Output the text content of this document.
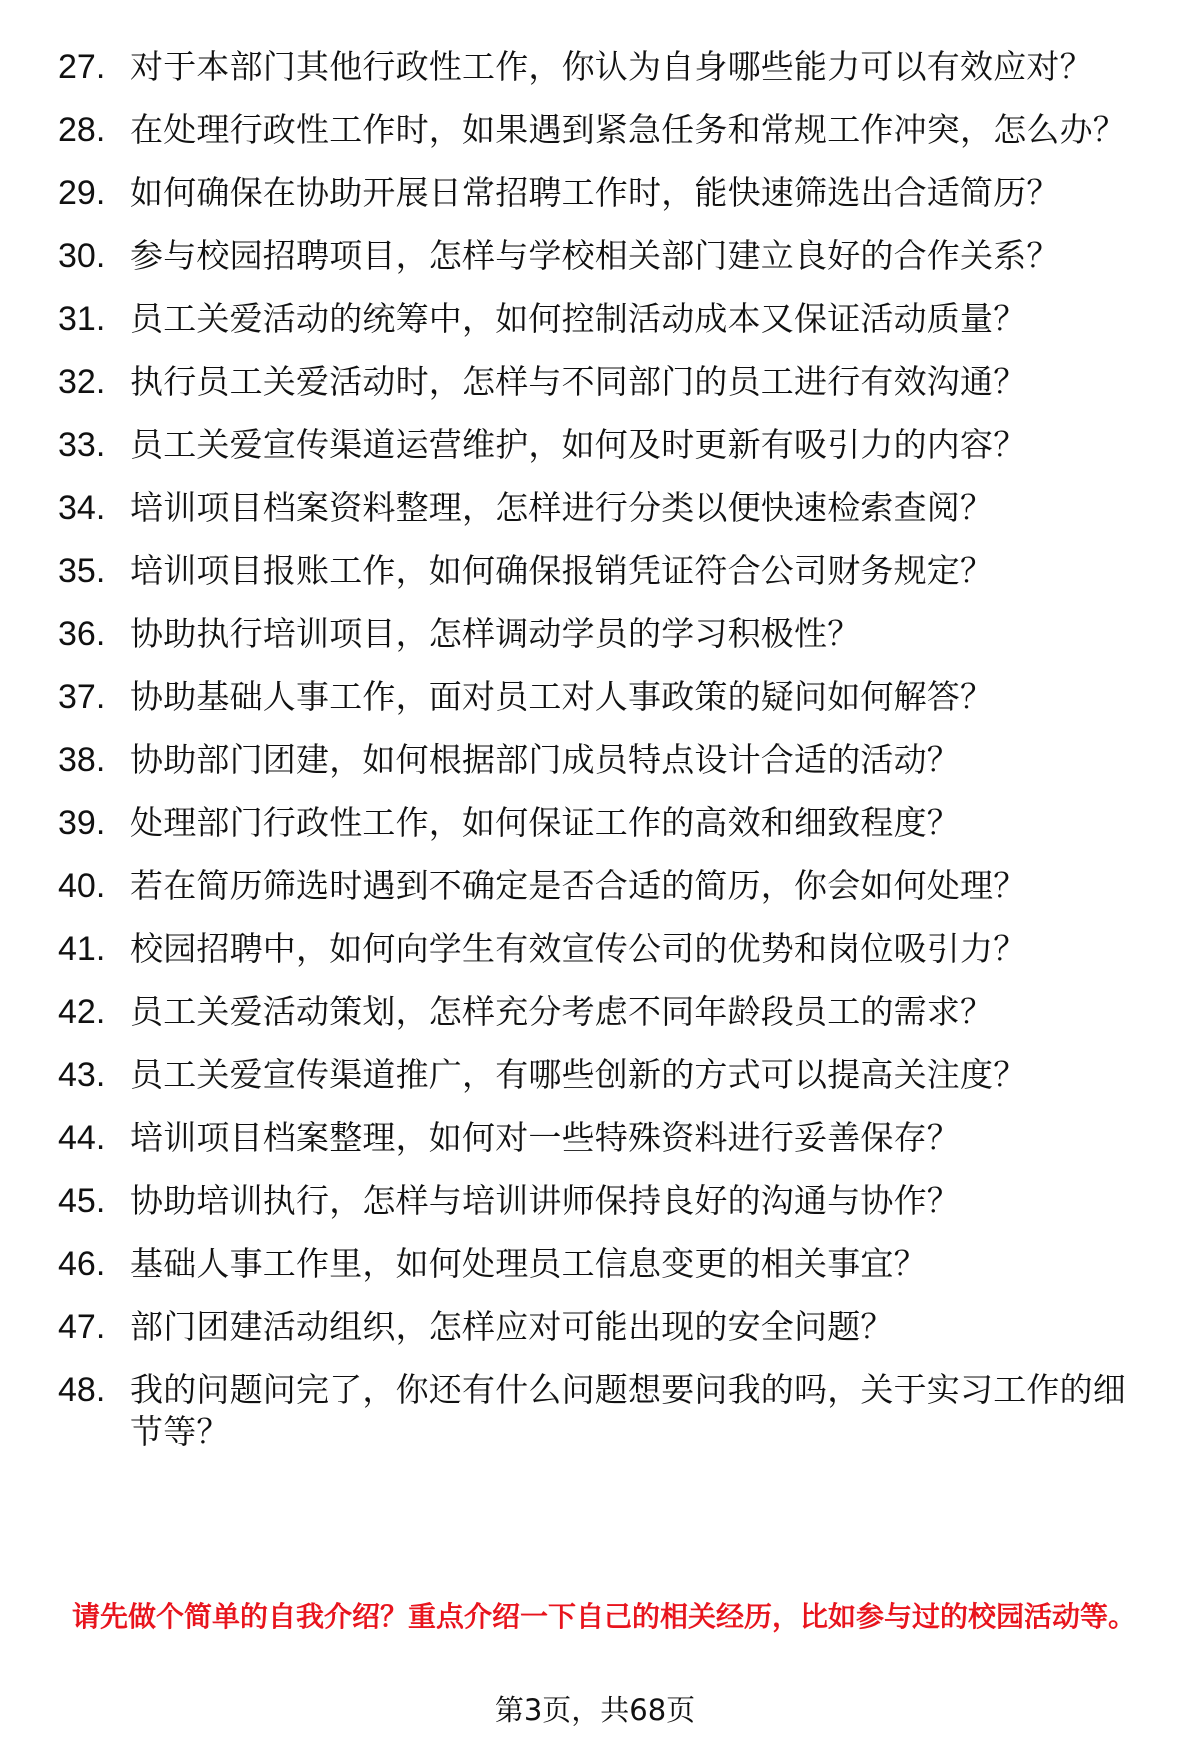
27. 对于本部门其他行政性工作，你认为自身哪些能力可以有效应对？
28. 在处理行政性工作时，如果遇到紧急任务和常规工作冲突，怎么办？
29. 如何确保在协助开展日常招聘工作时，能快速筛选出合适简历？
30. 参与校园招聘项目，怎样与学校相关部门建立良好的合作关系？
31. 员工关爱活动的统筹中，如何控制活动成本又保证活动质量？
32. 执行员工关爱活动时，怎样与不同部门的员工进行有效沟通？
33. 员工关爱宣传渠道运营维护，如何及时更新有吸引力的内容？
34. 培训项目档案资料整理，怎样进行分类以便快速检索查阅？
35. 培训项目报账工作，如何确保报销凭证符合公司财务规定？
36. 协助执行培训项目，怎样调动学员的学习积极性？
37. 协助基础人事工作，面对员工对人事政策的疑问如何解答？
38. 协助部门团建，如何根据部门成员特点设计合适的活动？
39. 处理部门行政性工作，如何保证工作的高效和细致程度？
40. 若在简历筛选时遇到不确定是否合适的简历，你会如何处理？
41. 校园招聘中，如何向学生有效宣传公司的优势和岗位吸引力？
42. 员工关爱活动策划，怎样充分考虑不同年龄段员工的需求？
43. 员工关爱宣传渠道推广，有哪些创新的方式可以提高关注度？
44. 培训项目档案整理，如何对一些特殊资料进行妥善保存？
45. 协助培训执行，怎样与培训讲师保持良好的沟通与协作？
46. 基础人事工作里，如何处理员工信息变更的相关事宜？
47. 部门团建活动组织，怎样应对可能出现的安全问题？
48. 我的问题问完了，你还有什么问题想要问我的吗，关于实习工作的细节等？

请先做个简单的自我介绍？重点介绍一下自己的相关经历，比如参与过的校园活动等。

第3页，共68页
